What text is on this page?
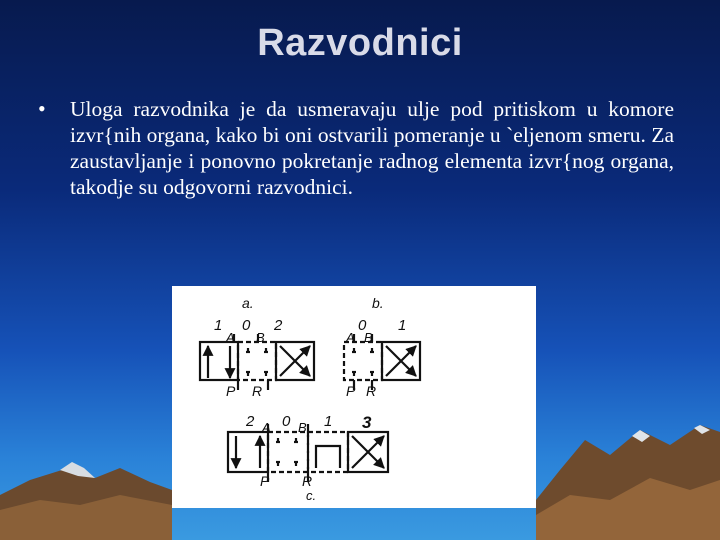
Razvodnici
• Uloga razvodnika je da usmeravaju ulje pod pritiskom u komore izvr{nih organa, kako bi oni ostvarili pomeranje u `eljenom smeru. Za zaustavljanje i ponovno pokretanje radnog elementa izvr{nog organa, takodje su odgovorni razvodnici.
a.
1 0 2
A B
P R
b.
0 1
A B
P R
2 0 1 3
A B
P R
c.
